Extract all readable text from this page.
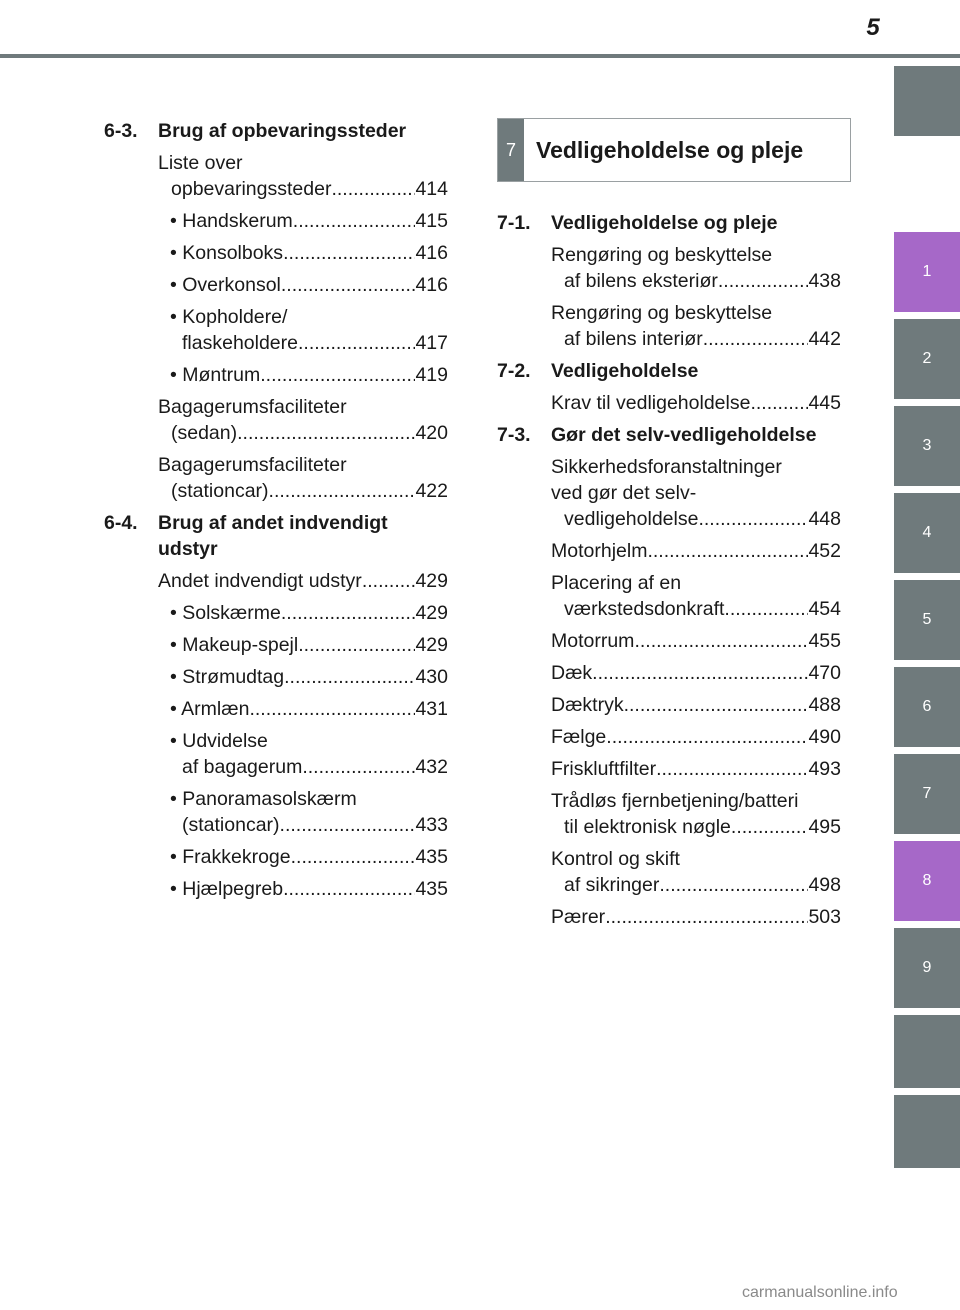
5
1
2
3
4
5
6
7
8
9
6-3.	Brug af opbevaringssteder
Liste over
opbevaringssteder .....	414
• Handskerum .....	415
• Konsolboks .....	416
• Overkonsol .....	416
• Kopholdere/
flaskeholdere .....	417
• Møntrum .....	419
Bagagerumsfaciliteter
(sedan) .....	420
Bagagerumsfaciliteter
(stationcar) .....	422
6-4.	Brug af andet indvendigt udstyr
Andet indvendigt udstyr .....	429
• Solskærme .....	429
• Makeup-spejl .....	429
• Strømudtag .....	430
• Armlæn .....	431
• Udvidelse
af bagagerum .....	432
• Panoramasolskærm
(stationcar) .....	433
• Frakkekroge .....	435
• Hjælpegreb .....	435
7 Vedligeholdelse og pleje
7-1.	Vedligeholdelse og pleje
Rengøring og beskyttelse
af bilens eksteriør .....	438
Rengøring og beskyttelse
af bilens interiør .....	442
7-2.	Vedligeholdelse
Krav til vedligeholdelse .....	445
7-3.	Gør det selv-vedligeholdelse
Sikkerhedsforanstaltninger
ved gør det selv-
vedligeholdelse .....	448
Motorhjelm .....	452
Placering af en
værkstedsdonkraft .....	454
Motorrum .....	455
Dæk .....	470
Dæktryk .....	488
Fælge .....	490
Friskluftfilter .....	493
Trådløs fjernbetjening/batteri
til elektronisk nøgle .....	495
Kontrol og skift
af sikringer .....	498
Pærer .....	503
carmanualsonline.info
